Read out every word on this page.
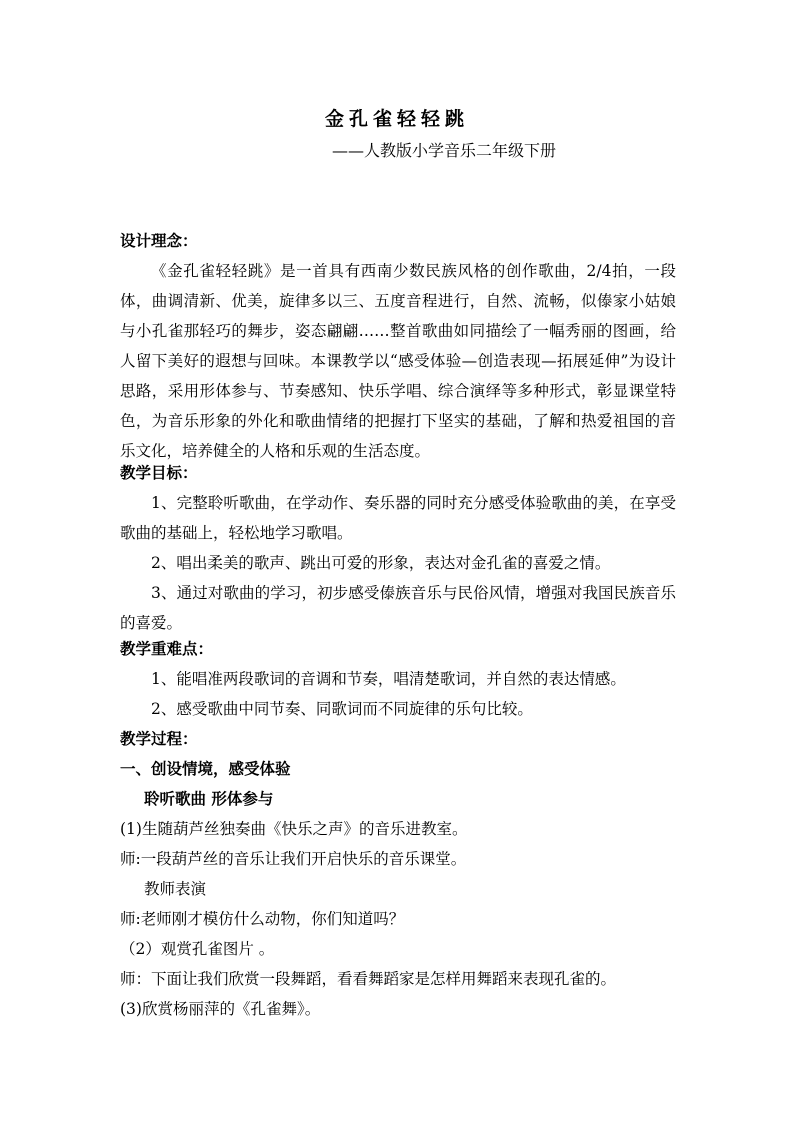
金孔雀轻轻跳
——人教版小学音乐二年级下册

设计理念：

《金孔雀轻轻跳》是一首具有西南少数民族风格的创作歌曲，2/4拍，一段体，曲调清新、优美，旋律多以三、五度音程进行，自然、流畅，似傣家小姑娘与小孔雀那轻巧的舞步，姿态翩翩……整首歌曲如同描绘了一幅秀丽的图画，给人留下美好的遐想与回味。本课教学以“感受体验—创造表现—拓展延伸”为设计思路，采用形体参与、节奏感知、快乐学唱、综合演绎等多种形式，彰显课堂特色，为音乐形象的外化和歌曲情绪的把握打下坚实的基础，了解和热爱祖国的音乐文化，培养健全的人格和乐观的生活态度。

教学目标：

1、完整聆听歌曲，在学动作、奏乐器的同时充分感受体验歌曲的美，在享受歌曲的基础上，轻松地学习歌唱。

2、唱出柔美的歌声、跳出可爱的形象，表达对金孔雀的喜爱之情。

3、通过对歌曲的学习，初步感受傣族音乐与民俗风情，增强对我国民族音乐的喜爱。

教学重难点：

1、能唱准两段歌词的音调和节奏，唱清楚歌词，并自然的表达情感。

2、感受歌曲中同节奏、同歌词而不同旋律的乐句比较。

教学过程：

一、创设情境，感受体验

聆听歌曲 形体参与

(1)生随葫芦丝独奏曲《快乐之声》的音乐进教室。

师:一段葫芦丝的音乐让我们开启快乐的音乐课堂。

教师表演

师:老师刚才模仿什么动物，你们知道吗？

（2）观赏孔雀图片 。

师：下面让我们欣赏一段舞蹈，看看舞蹈家是怎样用舞蹈来表现孔雀的。

(3)欣赏杨丽萍的《孔雀舞》。
